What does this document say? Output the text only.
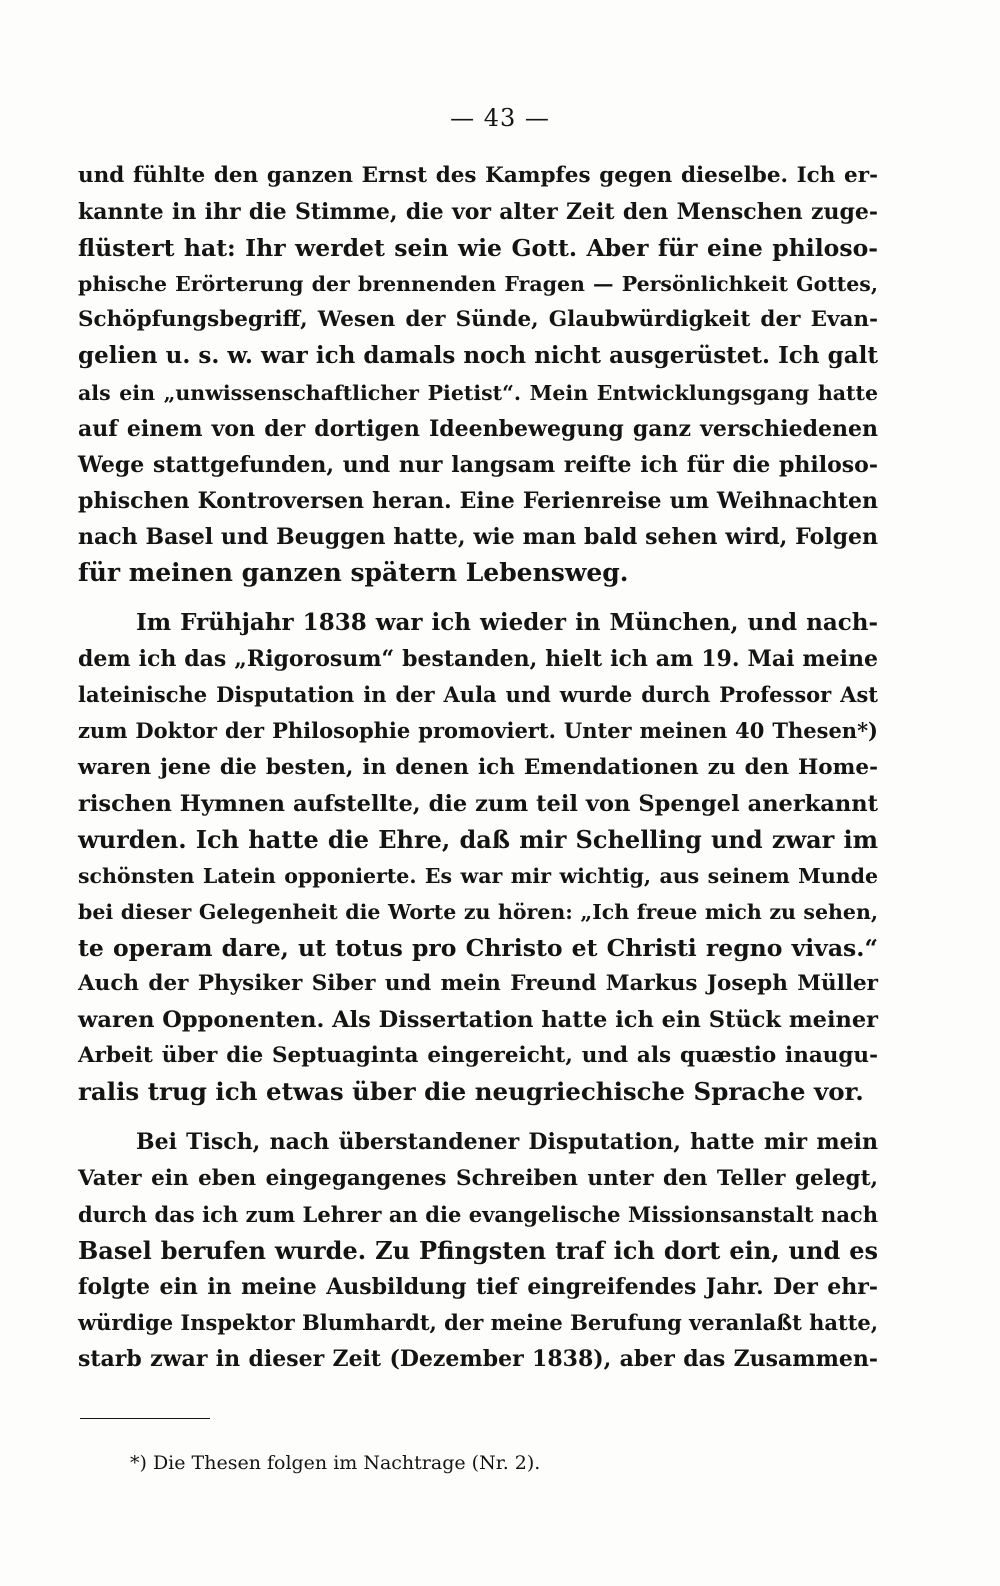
— 43 —
und fühlte den ganzen Ernst des Kampfes gegen dieselbe. Ich er-
kannte in ihr die Stimme, die vor alter Zeit den Menschen zuge-
flüstert hat: Ihr werdet sein wie Gott. Aber für eine philoso-
phische Erörterung der brennenden Fragen — Persönlichkeit Gottes,
Schöpfungsbegriff, Wesen der Sünde, Glaubwürdigkeit der Evan-
gelien u. s. w. war ich damals noch nicht ausgerüstet. Ich galt
als ein „unwissenschaftlicher Pietist“. Mein Entwicklungsgang hatte
auf einem von der dortigen Ideenbewegung ganz verschiedenen
Wege stattgefunden, und nur langsam reifte ich für die philoso-
phischen Kontroversen heran. Eine Ferienreise um Weihnachten
nach Basel und Beuggen hatte, wie man bald sehen wird, Folgen
für meinen ganzen spätern Lebensweg.
Im Frühjahr 1838 war ich wieder in München, und nach-
dem ich das „Rigorosum“ bestanden, hielt ich am 19. Mai meine
lateinische Disputation in der Aula und wurde durch Professor Ast
zum Doktor der Philosophie promoviert. Unter meinen 40 Thesen*)
waren jene die besten, in denen ich Emendationen zu den Home-
rischen Hymnen aufstellte, die zum teil von Spengel anerkannt
wurden. Ich hatte die Ehre, daß mir Schelling und zwar im
schönsten Latein opponierte. Es war mir wichtig, aus seinem Munde
bei dieser Gelegenheit die Worte zu hören: „Ich freue mich zu sehen,
te operam dare, ut totus pro Christo et Christi regno vivas.“
Auch der Physiker Siber und mein Freund Markus Joseph Müller
waren Opponenten. Als Dissertation hatte ich ein Stück meiner
Arbeit über die Septuaginta eingereicht, und als quæstio inaugu-
ralis trug ich etwas über die neugriechische Sprache vor.
Bei Tisch, nach überstandener Disputation, hatte mir mein
Vater ein eben eingegangenes Schreiben unter den Teller gelegt,
durch das ich zum Lehrer an die evangelische Missionsanstalt nach
Basel berufen wurde. Zu Pfingsten traf ich dort ein, und es
folgte ein in meine Ausbildung tief eingreifendes Jahr. Der ehr-
würdige Inspektor Blumhardt, der meine Berufung veranlaßt hatte,
starb zwar in dieser Zeit (Dezember 1838), aber das Zusammen-
*) Die Thesen folgen im Nachtrage (Nr. 2).
